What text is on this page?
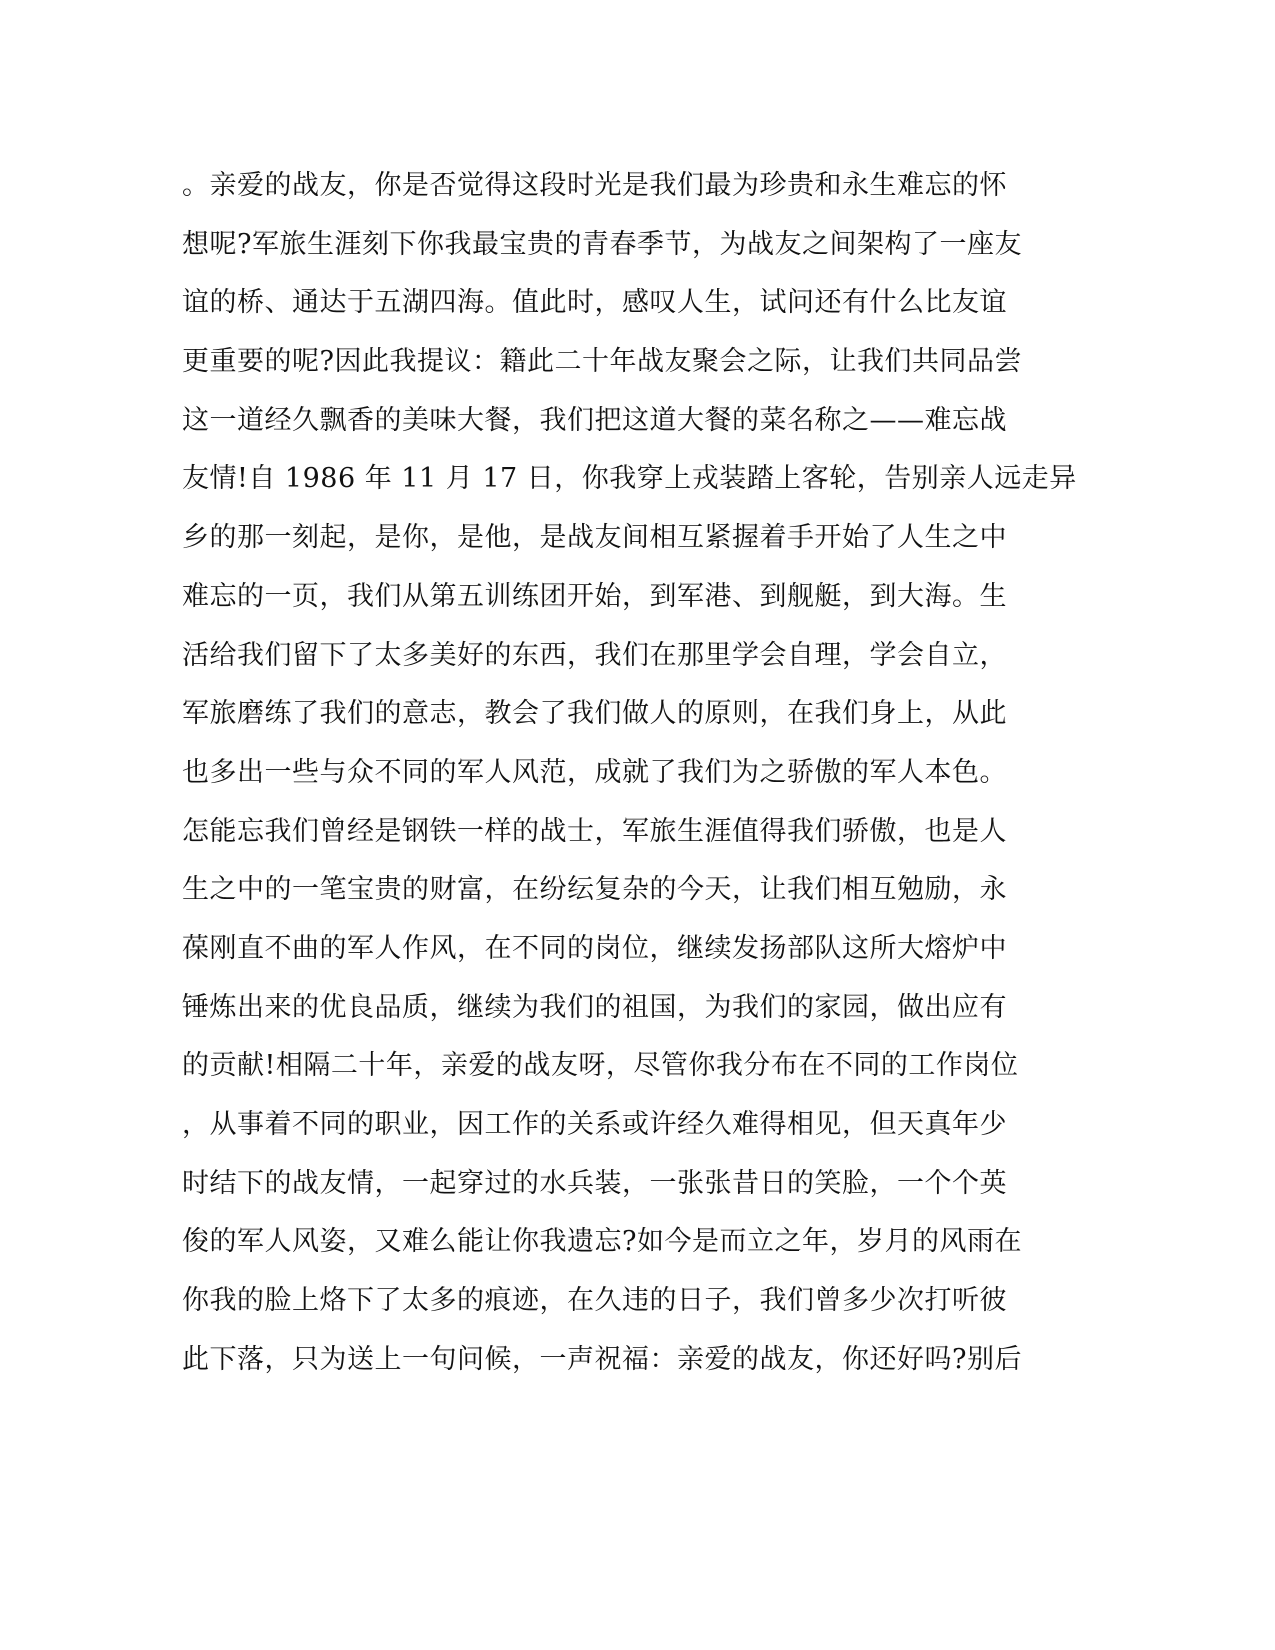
。亲爱的战友，你是否觉得这段时光是我们最为珍贵和永生难忘的怀
想呢?军旅生涯刻下你我最宝贵的青春季节，为战友之间架构了一座友
谊的桥、通达于五湖四海。值此时，感叹人生，试问还有什么比友谊
更重要的呢?因此我提议：籍此二十年战友聚会之际，让我们共同品尝
这一道经久飘香的美味大餐，我们把这道大餐的菜名称之——难忘战
友情!自 1986 年 11 月 17 日，你我穿上戎装踏上客轮，告别亲人远走异
乡的那一刻起，是你，是他，是战友间相互紧握着手开始了人生之中
难忘的一页，我们从第五训练团开始，到军港、到舰艇，到大海。生
活给我们留下了太多美好的东西，我们在那里学会自理，学会自立，
军旅磨练了我们的意志，教会了我们做人的原则，在我们身上，从此
也多出一些与众不同的军人风范，成就了我们为之骄傲的军人本色。
怎能忘我们曾经是钢铁一样的战士，军旅生涯值得我们骄傲，也是人
生之中的一笔宝贵的财富，在纷纭复杂的今天，让我们相互勉励，永
葆刚直不曲的军人作风，在不同的岗位，继续发扬部队这所大熔炉中
锤炼出来的优良品质，继续为我们的祖国，为我们的家园，做出应有
的贡献!相隔二十年，亲爱的战友呀，尽管你我分布在不同的工作岗位
，从事着不同的职业，因工作的关系或许经久难得相见，但天真年少
时结下的战友情，一起穿过的水兵装，一张张昔日的笑脸，一个个英
俊的军人风姿，又难么能让你我遗忘?如今是而立之年，岁月的风雨在
你我的脸上烙下了太多的痕迹，在久违的日子，我们曾多少次打听彼
此下落，只为送上一句问候，一声祝福：亲爱的战友，你还好吗?别后
